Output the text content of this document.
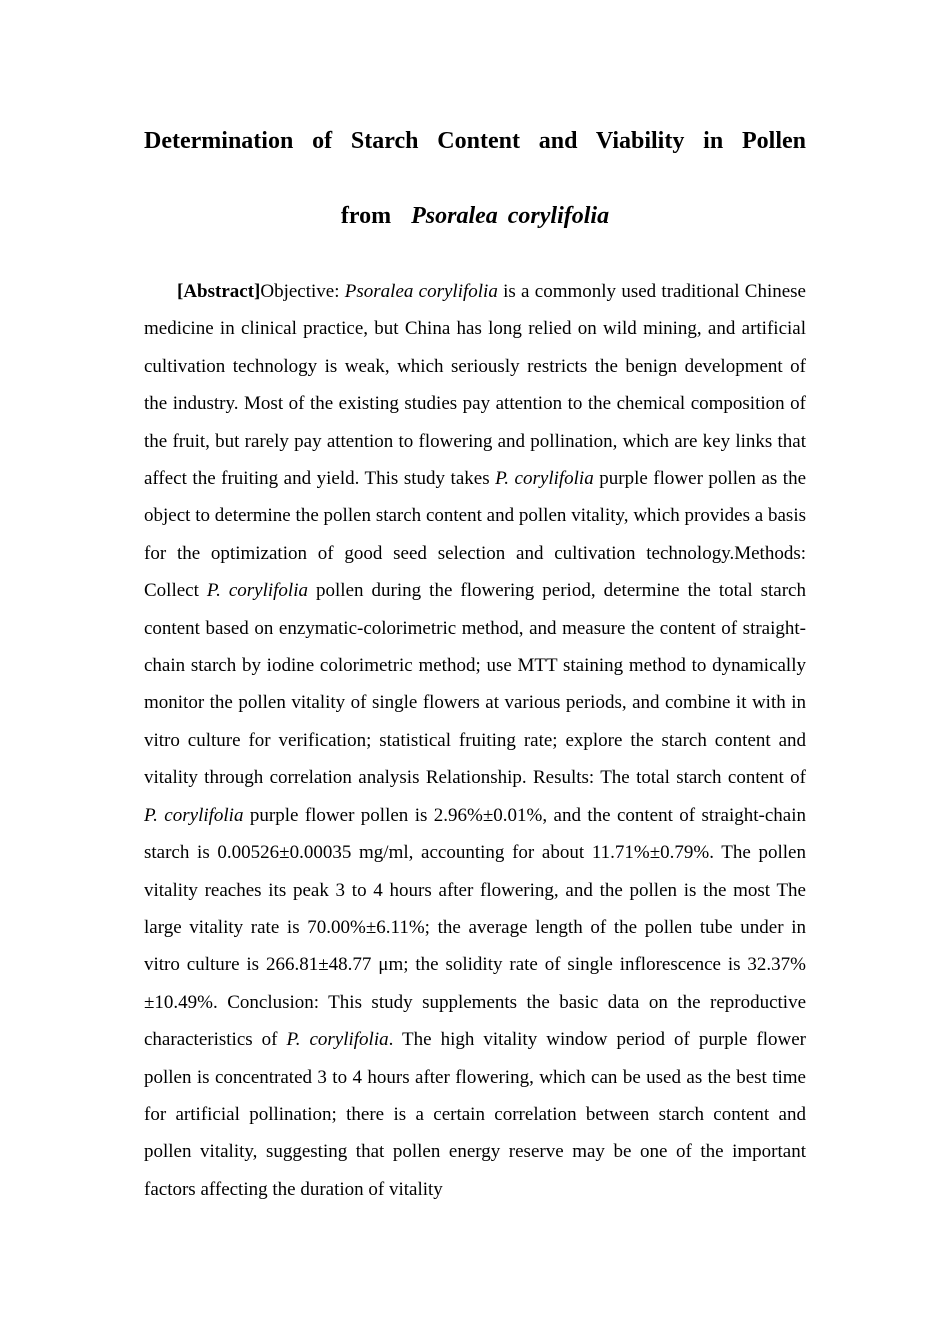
Determination of Starch Content and Viability in Pollen
from Psoralea corylifolia

[Abstract]Objective: Psoralea corylifolia is a commonly used traditional Chinese medicine in clinical practice, but China has long relied on wild mining, and artificial cultivation technology is weak, which seriously restricts the benign development of the industry. Most of the existing studies pay attention to the chemical composition of the fruit, but rarely pay attention to flowering and pollination, which are key links that affect the fruiting and yield. This study takes P. corylifolia purple flower pollen as the object to determine the pollen starch content and pollen vitality, which provides a basis for the optimization of good seed selection and cultivation technology.Methods: Collect P. corylifolia pollen during the flowering period, determine the total starch content based on enzymatic-colorimetric method, and measure the content of straight-chain starch by iodine colorimetric method; use MTT staining method to dynamically monitor the pollen vitality of single flowers at various periods, and combine it with in vitro culture for verification; statistical fruiting rate; explore the starch content and vitality through correlation analysis Relationship. Results: The total starch content of P. corylifolia purple flower pollen is 2.96%±0.01%, and the content of straight-chain starch is 0.00526±0.00035 mg/ml, accounting for about 11.71%±0.79%. The pollen vitality reaches its peak 3 to 4 hours after flowering, and the pollen is the most The large vitality rate is 70.00%±6.11%; the average length of the pollen tube under in vitro culture is 266.81±48.77 μm; the solidity rate of single inflorescence is 32.37%±10.49%. Conclusion: This study supplements the basic data on the reproductive characteristics of P. corylifolia. The high vitality window period of purple flower pollen is concentrated 3 to 4 hours after flowering, which can be used as the best time for artificial pollination; there is a certain correlation between starch content and pollen vitality, suggesting that pollen energy reserve may be one of the important factors affecting the duration of vitality
